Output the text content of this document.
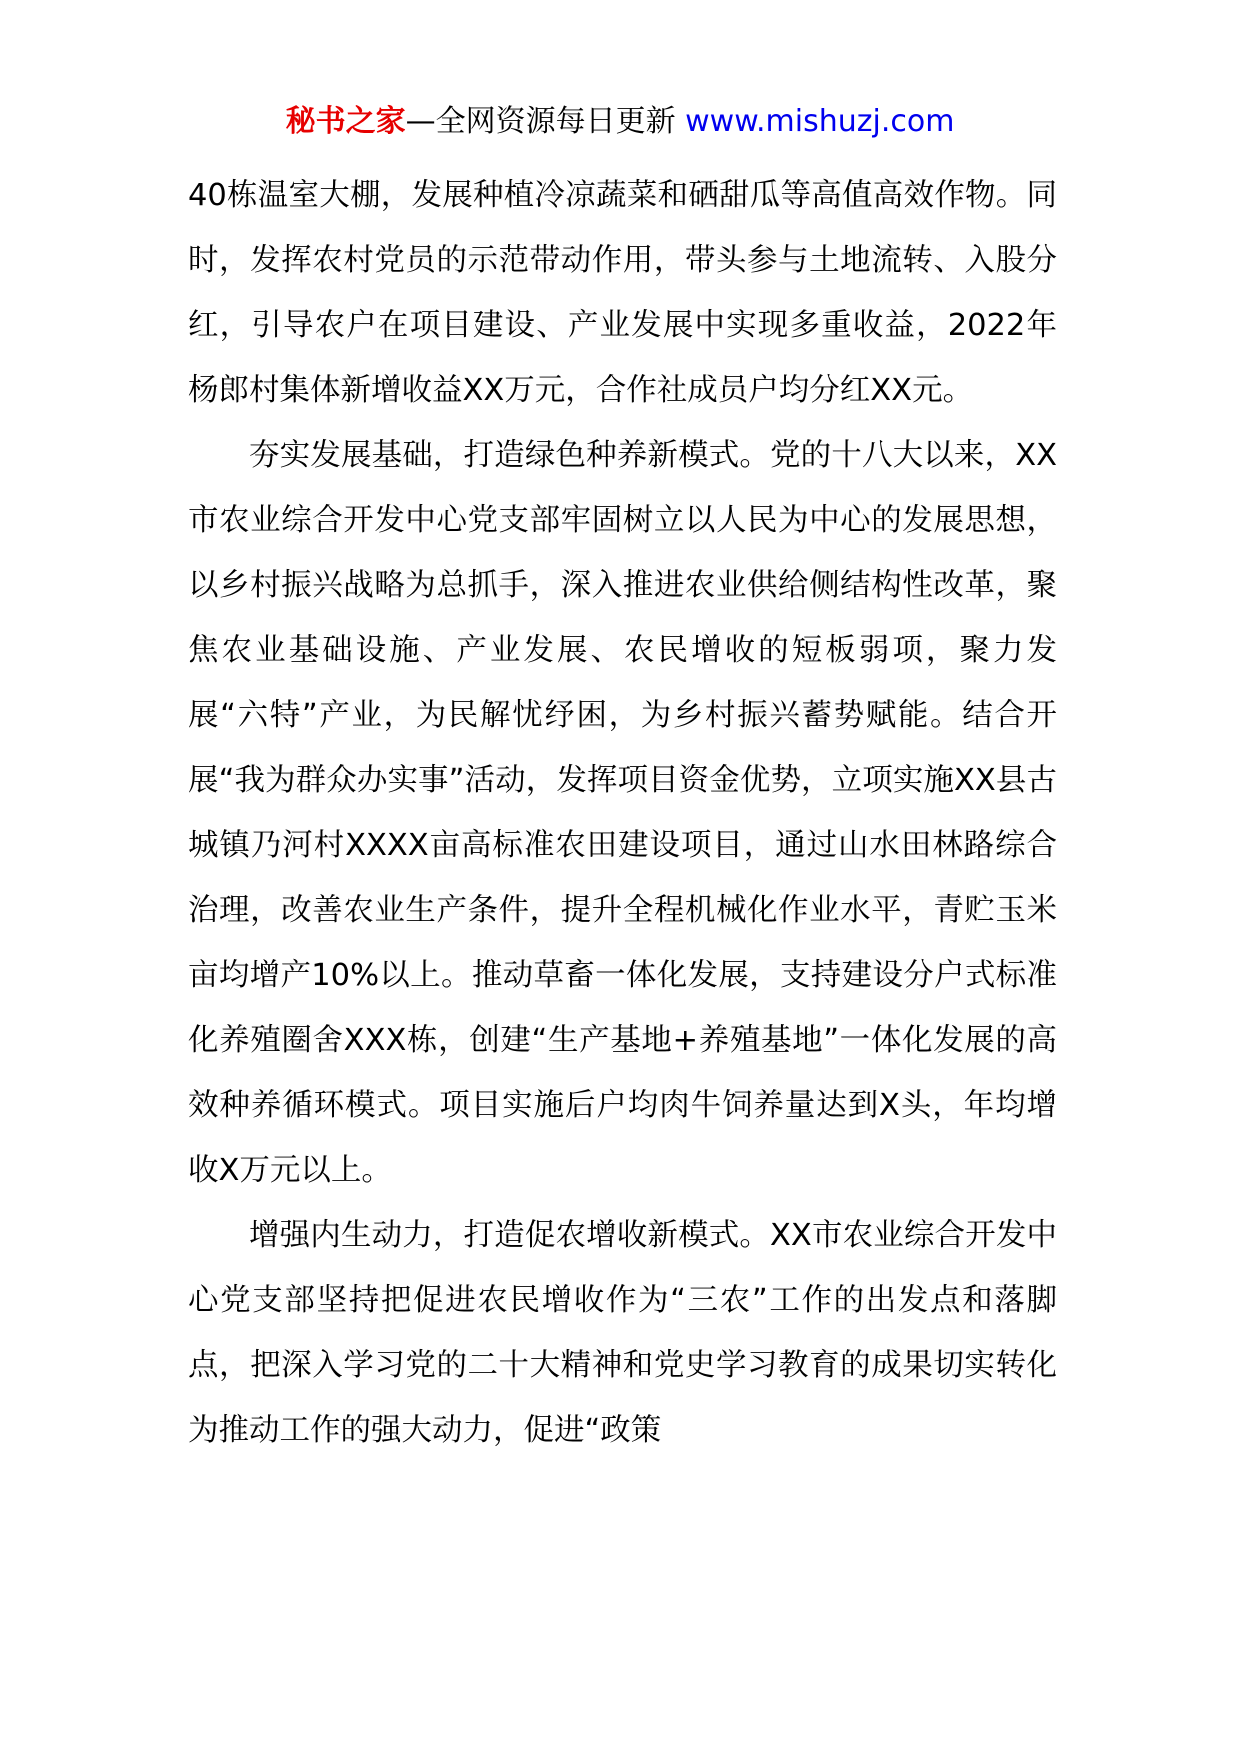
秘书之家—全网资源每日更新 www.mishuzj.com

40栋温室大棚，发展种植冷凉蔬菜和硒甜瓜等高值高效作物。同时，发挥农村党员的示范带动作用，带头参与土地流转、入股分红，引导农户在项目建设、产业发展中实现多重收益，2022年杨郎村集体新增收益XX万元，合作社成员户均分红XX元。

夯实发展基础，打造绿色种养新模式。党的十八大以来，XX市农业综合开发中心党支部牢固树立以人民为中心的发展思想，以乡村振兴战略为总抓手，深入推进农业供给侧结构性改革，聚焦农业基础设施、产业发展、农民增收的短板弱项，聚力发展“六特”产业，为民解忧纾困，为乡村振兴蓄势赋能。结合开展“我为群众办实事”活动，发挥项目资金优势，立项实施XX县古城镇乃河村XXXX亩高标准农田建设项目，通过山水田林路综合治理，改善农业生产条件，提升全程机械化作业水平，青贮玉米亩均增产10%以上。推动草畜一体化发展，支持建设分户式标准化养殖圈舍XXX栋，创建“生产基地+养殖基地”一体化发展的高效种养循环模式。项目实施后户均肉牛饲养量达到X头，年均增收X万元以上。

增强内生动力，打造促农增收新模式。XX市农业综合开发中心党支部坚持把促进农民增收作为“三农”工作的出发点和落脚点，把深入学习党的二十大精神和党史学习教育的成果切实转化为推动工作的强大动力，促进“政策
